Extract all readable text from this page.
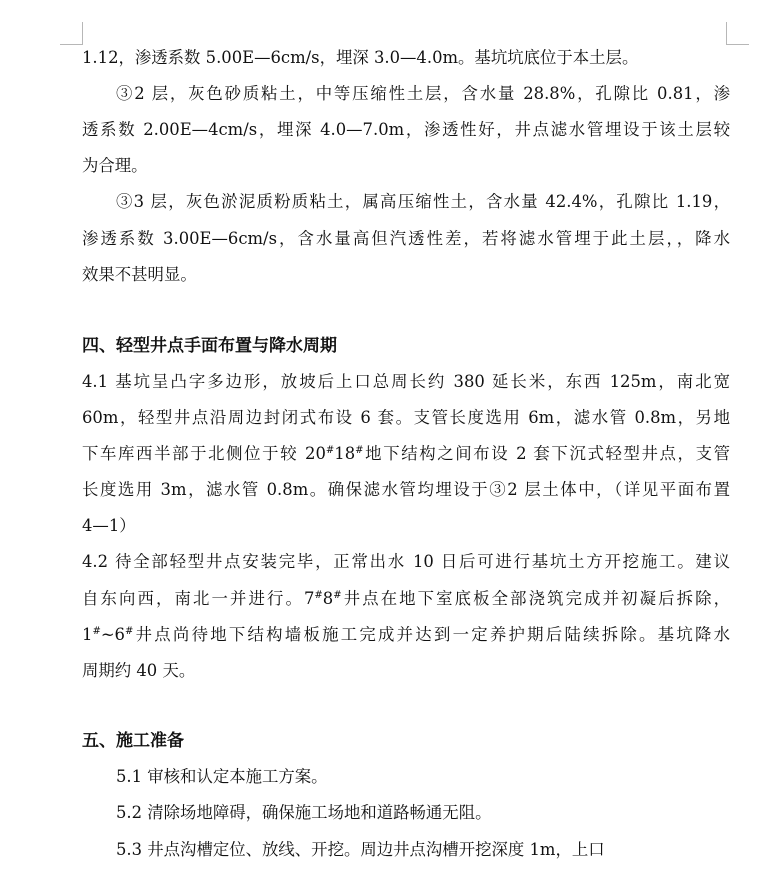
1.12，渗透系数 5.00E—6cm/s，埋深 3.0—4.0m。基坑坑底位于本土层。
③2 层，灰色砂质粘土，中等压缩性土层，含水量 28.8%，孔隙比 0.81，渗
透系数 2.00E—4cm/s，埋深 4.0—7.0m，渗透性好，井点滤水管埋设于该土层较
为合理。
③3 层，灰色淤泥质粉质粘土，属高压缩性土，含水量 42.4%，孔隙比 1.19，
渗透系数 3.00E—6cm/s，含水量高但汽透性差，若将滤水管埋于此土层，，降水
效果不甚明显。
四、轻型井点手面布置与降水周期
4.1 基坑呈凸字多边形，放坡后上口总周长约 380 延长米，东西 125m，南北宽
60m，轻型井点沿周边封闭式布设 6 套。支管长度选用 6m，滤水管 0.8m，另地
下车库西半部于北侧位于较 20#18#地下结构之间布设 2 套下沉式轻型井点，支管
长度选用 3m，滤水管 0.8m。确保滤水管均埋设于③2 层土体中，（详见平面布置
4—1）
4.2 待全部轻型井点安装完毕，正常出水 10 日后可进行基坑土方开挖施工。建议
自东向西，南北一并进行。7#8#井点在地下室底板全部浇筑完成并初凝后拆除，
1#~6#井点尚待地下结构墙板施工完成并达到一定养护期后陆续拆除。基坑降水
周期约 40 天。
五、施工准备
5.1 审核和认定本施工方案。
5.2 清除场地障碍，确保施工场地和道路畅通无阻。
5.3 井点沟槽定位、放线、开挖。周边井点沟槽开挖深度 1m，上口
